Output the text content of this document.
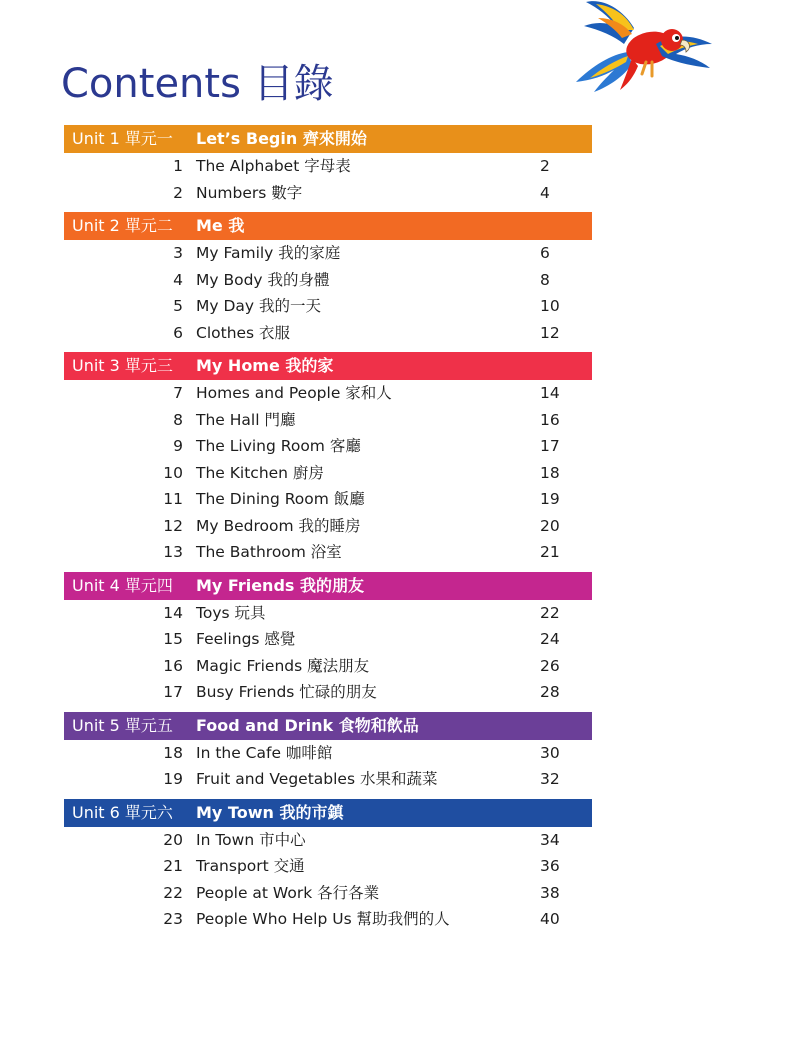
Contents 目錄
Unit 1 單元一 Let’s Begin 齊來開始
1 The Alphabet 字母表	2
2 Numbers 數字	4
Unit 2 單元二 Me 我
3 My Family 我的家庭	6
4 My Body 我的身體	8
5 My Day 我的一天	10
6 Clothes 衣服	12
Unit 3 單元三 My Home 我的家
7 Homes and People 家和人	14
8 The Hall 門廳	16
9 The Living Room 客廳	17
10 The Kitchen 廚房	18
11 The Dining Room 飯廳	19
12 My Bedroom 我的睡房	20
13 The Bathroom 浴室	21
Unit 4 單元四 My Friends 我的朋友
14 Toys 玩具	22
15 Feelings 感覺	24
16 Magic Friends 魔法朋友	26
17 Busy Friends 忙碌的朋友	28
Unit 5 單元五 Food and Drink 食物和飲品
18 In the Cafe 咖啡館	30
19 Fruit and Vegetables 水果和蔬菜	32
Unit 6 單元六 My Town 我的市鎮
20 In Town 市中心	34
21 Transport 交通	36
22 People at Work 各行各業	38
23 People Who Help Us 幫助我們的人	40
